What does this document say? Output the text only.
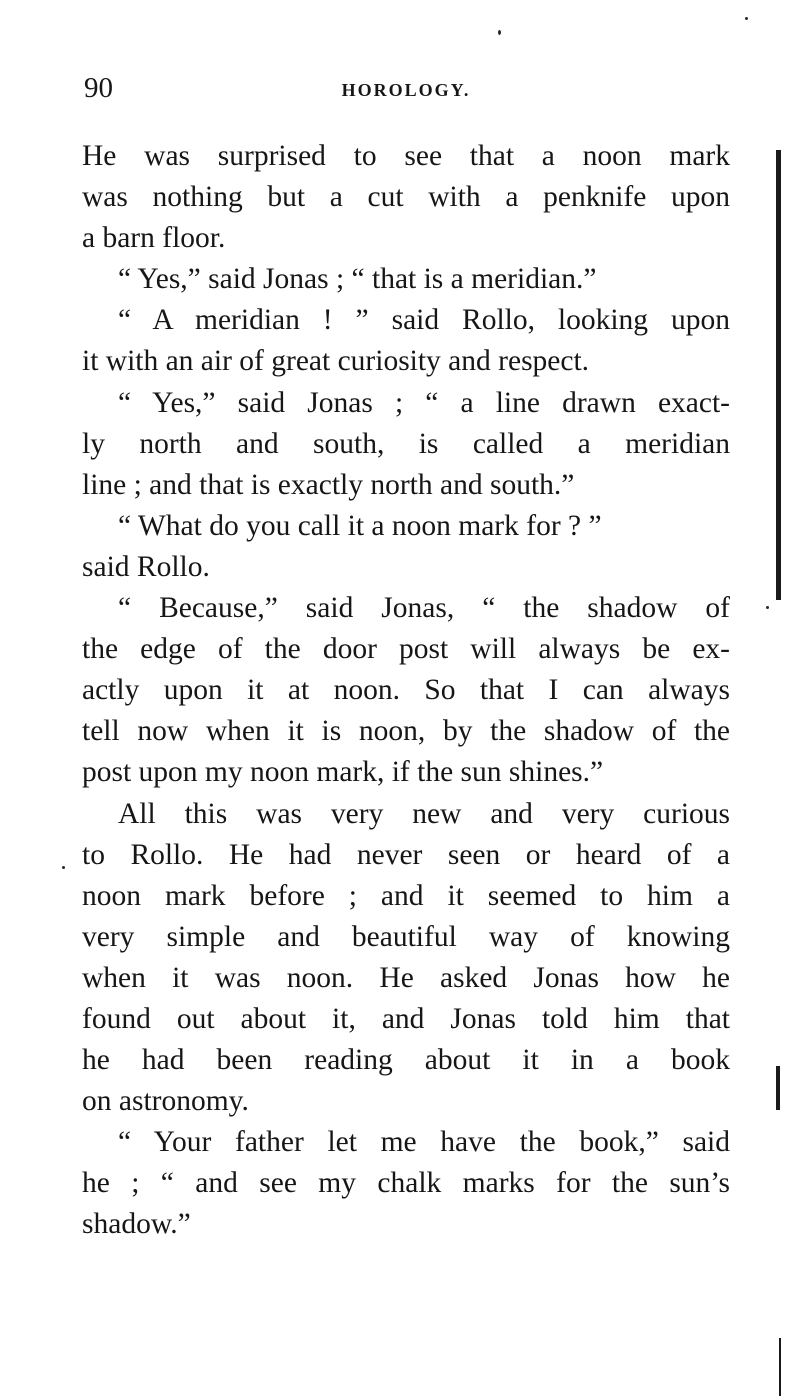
90	HOROLOGY.
He was surprised to see that a noon mark
was nothing but a cut with a penknife upon
a barn floor.
“ Yes,” said Jonas ; “ that is a meridian.”
“ A meridian ! ” said Rollo, looking upon
it with an air of great curiosity and respect.
“ Yes,” said Jonas ; “ a line drawn exact-
ly north and south, is called a meridian
line ; and that is exactly north and south.”
“ What do you call it a noon mark for ? ”
said Rollo.
“ Because,” said Jonas, “ the shadow of
the edge of the door post will always be ex-
actly upon it at noon. So that I can always
tell now when it is noon, by the shadow of the
post upon my noon mark, if the sun shines.”
All this was very new and very curious
to Rollo. He had never seen or heard of a
noon mark before ; and it seemed to him a
very simple and beautiful way of knowing
when it was noon. He asked Jonas how he
found out about it, and Jonas told him that
he had been reading about it in a book
on astronomy.
“ Your father let me have the book,” said
he ; “ and see my chalk marks for the sun’s
shadow.”
